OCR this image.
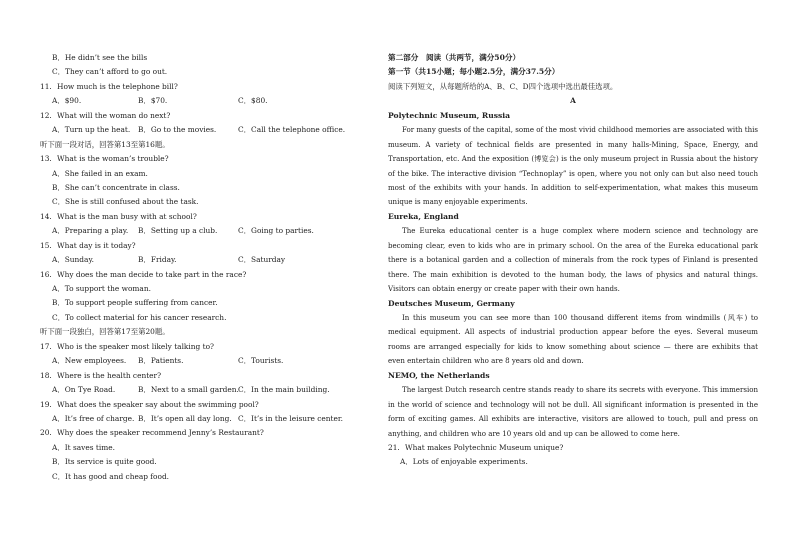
B．He didn’t see the bills
C．They can’t afford to go out.
11. How much is the telephone bill?
A．$90.	B．$70.	C．$80.
12. What will the woman do next?
A．Turn up the heat. B．Go to the movies.	C．Call the telephone office.
听下面一段对话，回答第13至第16题。
13. What is the woman’s trouble?
A．She failed in an exam.
B．She can’t concentrate in class.
C．She is still confused about the task.
14. What is the man busy with at school?
A．Preparing a play. B．Setting up a club.	C．Going to parties.
15. What day is it today?
A．Sunday.	B．Friday.	C．Saturday
16. Why does the man decide to take part in the race?
A．To support the woman.
B．To support people suffering from cancer.
C．To collect material for his cancer research.
听下面一段独白，回答第17至第20题。
17. Who is the speaker most likely talking to?
A．New employees. B．Patients.	C．Tourists.
18. Where is the health center?
A．On Tye Road.	B．Next to a small garden. C．In the main building.
19. What does the speaker say about the swimming pool?
A．It’s free of charge. B．It’s open all day long. C．It’s in the leisure center.
20. Why does the speaker recommend Jenny’s Restaurant?
A．It saves time.
B．Its service is quite good.
C．It has good and cheap food.
第二部分　阅读（共两节，满分50分）
第一节（共15小题；每小题2.5分，满分37.5分）
阅读下列短文，从每题所给的A、B、C、D四个选项中选出最佳选项。
A
Polytechnic Museum, Russia

For many guests of the capital, some of the most vivid childhood memories are associated with this museum. A variety of technical fields are presented in many halls-Mining, Space, Energy, and Transportation, etc. And the exposition (博览会) is the only museum project in Russia about the history of the bike. The interactive division “Technoplay” is open, where you not only can but also need touch most of the exhibits with your hands. In addition to self-experimentation, what makes this museum unique is many enjoyable experiments.

Eureka, England

The Eureka educational center is a huge complex where modern science and technology are becoming clear, even to kids who are in primary school. On the area of the Eureka educational park there is a botanical garden and a collection of minerals from the rock types of Finland is presented there. The main exhibition is devoted to the human body, the laws of physics and natural things. Visitors can obtain energy or create paper with their own hands.

Deutsches Museum, Germany

In this museum you can see more than 100 thousand different items from windmills (风车) to medical equipment. All aspects of industrial production appear before the eyes. Several museum rooms are arranged especially for kids to know something about science — there are exhibits that even entertain children who are 8 years old and down.

NEMO, the Netherlands

The largest Dutch research centre stands ready to share its secrets with everyone. This immersion in the world of science and technology will not be dull. All significant information is presented in the form of exciting games. All exhibits are interactive, visitors are allowed to touch, pull and press on anything, and children who are 10 years old and up can be allowed to come here.

21. What makes Polytechnic Museum unique?
A．Lots of enjoyable experiments.
